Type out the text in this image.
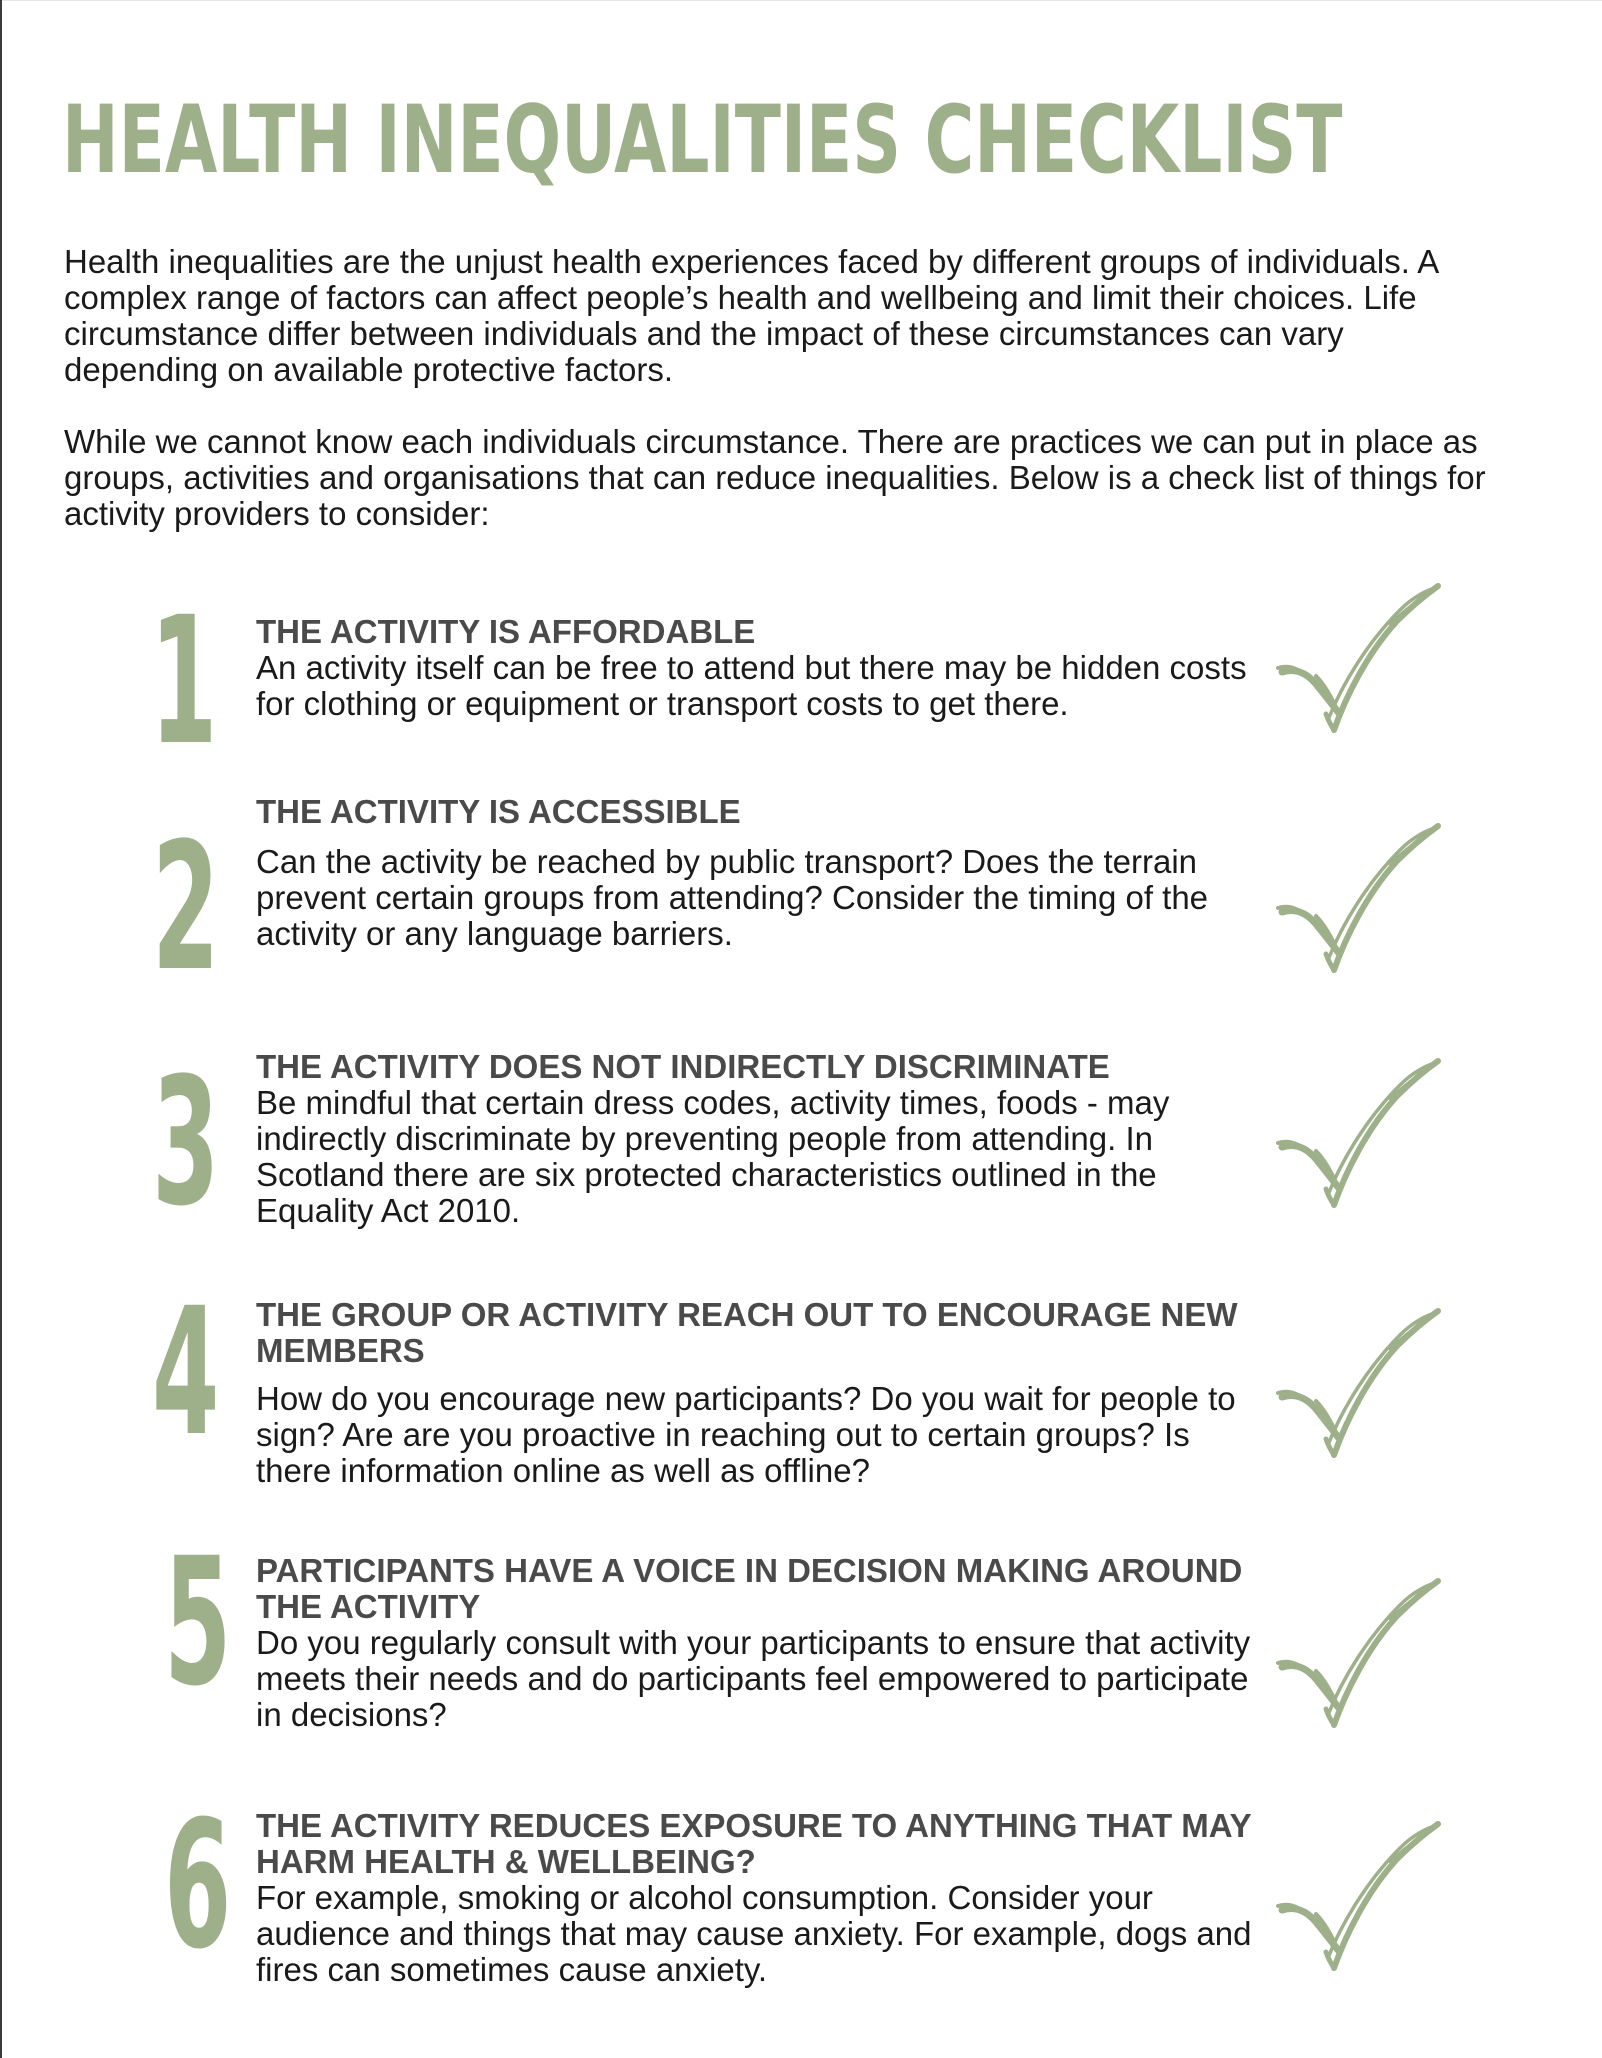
HEALTH INEQUALITIES CHECKLIST

Health inequalities are the unjust health experiences faced by different groups of individuals. A complex range of factors can affect people’s health and wellbeing and limit their choices. Life circumstance differ between individuals and the impact of these circumstances can vary depending on available protective factors.

While we cannot know each individuals circumstance. There are practices we can put in place as groups, activities and organisations that can reduce inequalities. Below is a check list of things for activity providers to consider:

1 THE ACTIVITY IS AFFORDABLE

An activity itself can be free to attend but there may be hidden costs for clothing or equipment or transport costs to get there.

2 THE ACTIVITY IS ACCESSIBLE

Can the activity be reached by public transport? Does the terrain prevent certain groups from attending? Consider the timing of the activity or any language barriers.

3 THE ACTIVITY DOES NOT INDIRECTLY DISCRIMINATE

Be mindful that certain dress codes, activity times, foods - may indirectly discriminate by preventing people from attending. In Scotland there are six protected characteristics outlined in the Equality Act 2010.

4 THE GROUP OR ACTIVITY REACH OUT TO ENCOURAGE NEW MEMBERS

How do you encourage new participants? Do you wait for people to sign? Are are you proactive in reaching out to certain groups? Is there information online as well as offline?

5 PARTICIPANTS HAVE A VOICE IN DECISION MAKING AROUND THE ACTIVITY

Do you regularly consult with your participants to ensure that activity meets their needs and do participants feel empowered to participate in decisions?

6 THE ACTIVITY REDUCES EXPOSURE TO ANYTHING THAT MAY HARM HEALTH & WELLBEING?

For example, smoking or alcohol consumption. Consider your audience and things that may cause anxiety. For example, dogs and fires can sometimes cause anxiety.
